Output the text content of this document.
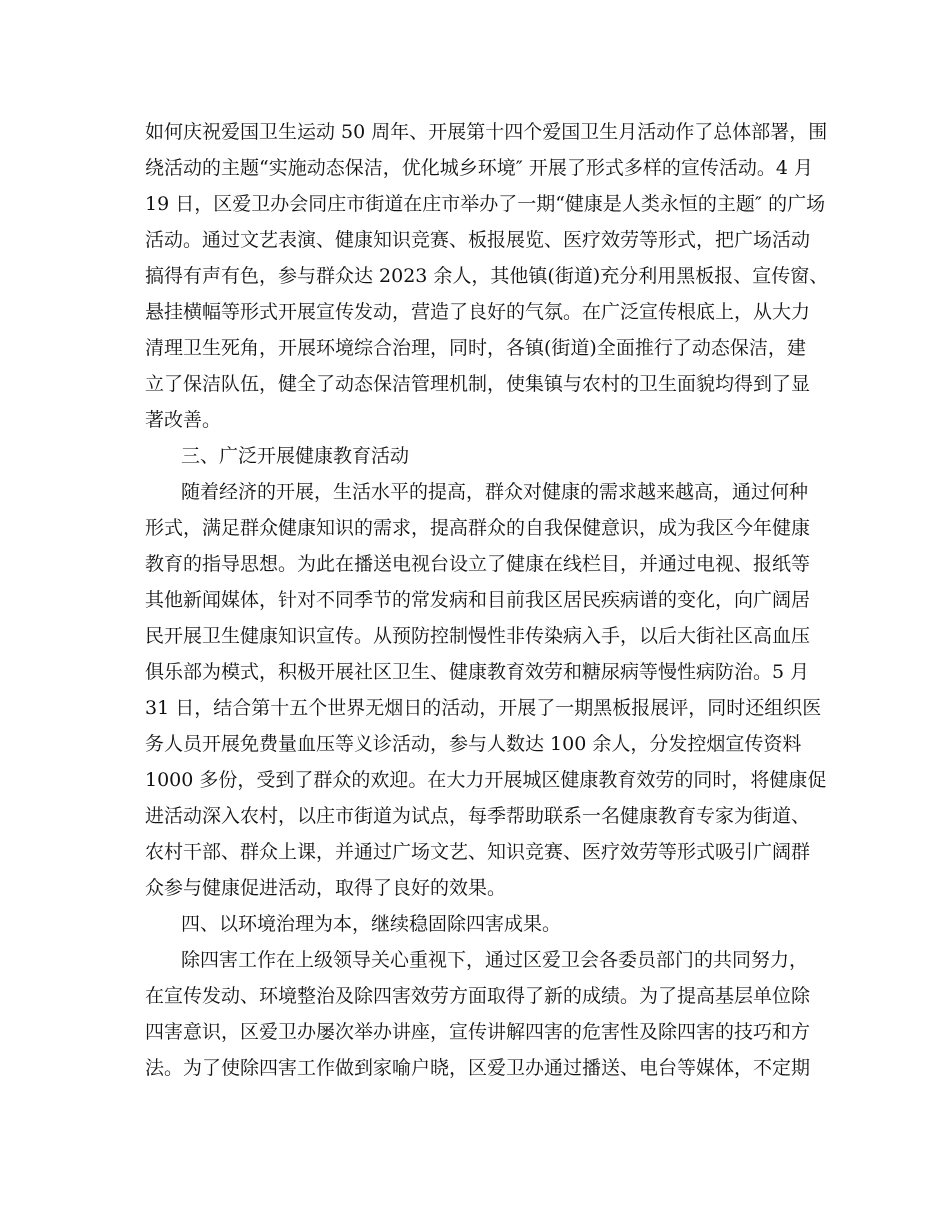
如何庆祝爱国卫生运动 50 周年、开展第十四个爱国卫生月活动作了总体部署，围
绕活动的主题“实施动态保洁，优化城乡环境″ 开展了形式多样的宣传活动。4 月
19 日，区爱卫办会同庄市街道在庄市举办了一期“健康是人类永恒的主题″ 的广场
活动。通过文艺表演、健康知识竞赛、板报展览、医疗效劳等形式，把广场活动
搞得有声有色，参与群众达 2023 余人，其他镇(街道)充分利用黑板报、宣传窗、
悬挂横幅等形式开展宣传发动，营造了良好的气氛。在广泛宣传根底上，从大力
清理卫生死角，开展环境综合治理，同时，各镇(街道)全面推行了动态保洁，建
立了保洁队伍，健全了动态保洁管理机制，使集镇与农村的卫生面貌均得到了显
著改善。
三、广泛开展健康教育活动
随着经济的开展，生活水平的提高，群众对健康的需求越来越高，通过何种
形式，满足群众健康知识的需求，提高群众的自我保健意识，成为我区今年健康
教育的指导思想。为此在播送电视台设立了健康在线栏目，并通过电视、报纸等
其他新闻媒体，针对不同季节的常发病和目前我区居民疾病谱的变化，向广阔居
民开展卫生健康知识宣传。从预防控制慢性非传染病入手，以后大街社区高血压
俱乐部为模式，积极开展社区卫生、健康教育效劳和糖尿病等慢性病防治。5 月
31 日，结合第十五个世界无烟日的活动，开展了一期黑板报展评，同时还组织医
务人员开展免费量血压等义诊活动，参与人数达 100 余人，分发控烟宣传资料
1000 多份，受到了群众的欢迎。在大力开展城区健康教育效劳的同时，将健康促
进活动深入农村，以庄市街道为试点，每季帮助联系一名健康教育专家为街道、
农村干部、群众上课，并通过广场文艺、知识竞赛、医疗效劳等形式吸引广阔群
众参与健康促进活动，取得了良好的效果。
四、以环境治理为本，继续稳固除四害成果。
除四害工作在上级领导关心重视下，通过区爱卫会各委员部门的共同努力，
在宣传发动、环境整治及除四害效劳方面取得了新的成绩。为了提高基层单位除
四害意识，区爱卫办屡次举办讲座，宣传讲解四害的危害性及除四害的技巧和方
法。为了使除四害工作做到家喻户晓，区爱卫办通过播送、电台等媒体，不定期
